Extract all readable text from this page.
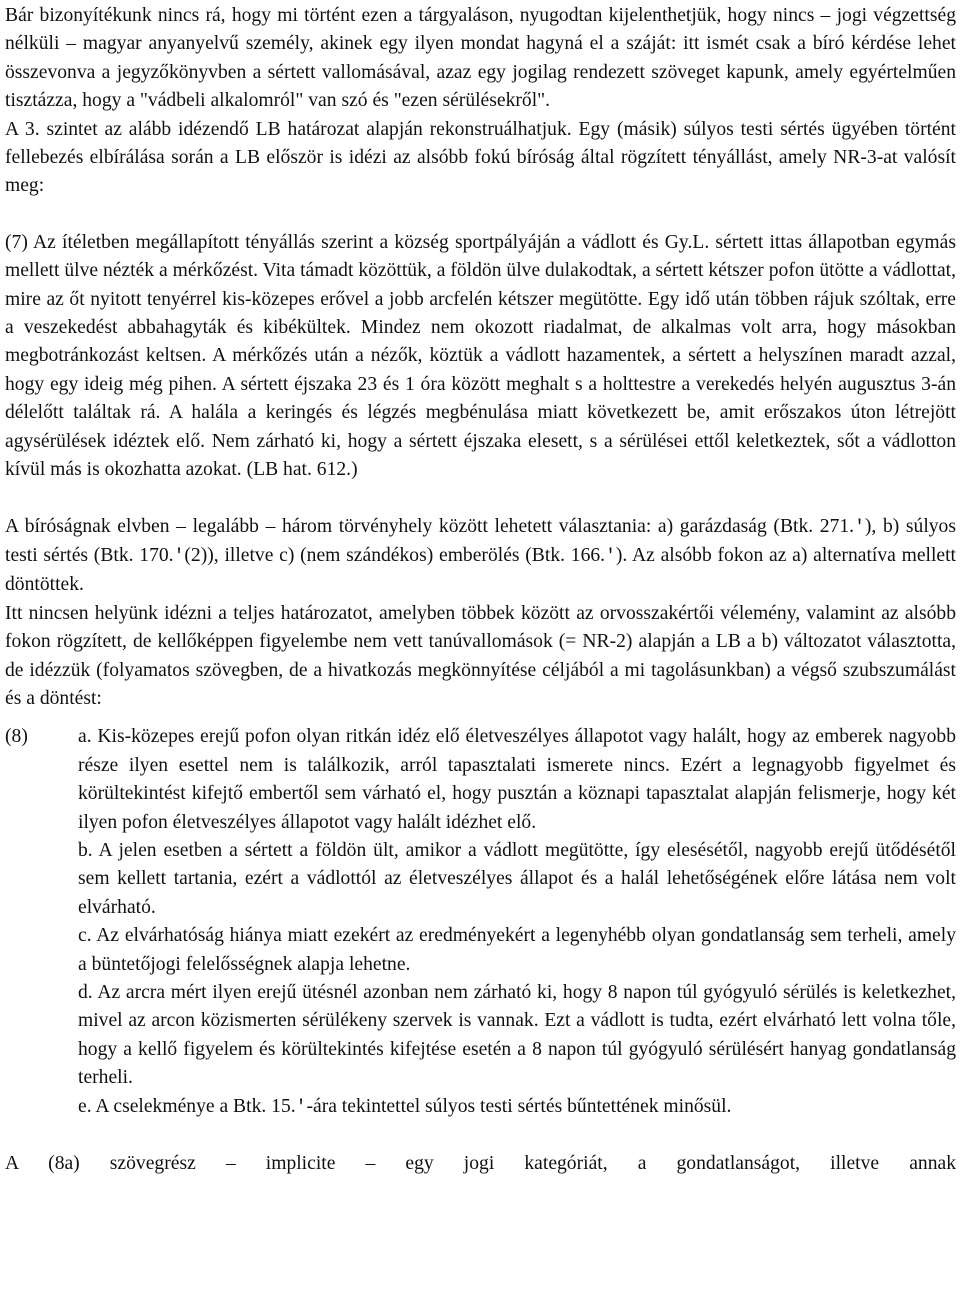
Bár bizonyítékunk nincs rá, hogy mi történt ezen a tárgyaláson, nyugodtan kijelenthetjük, hogy nincs – jogi végzettség nélküli – magyar anyanyelvű személy, akinek egy ilyen mondat hagyná el a száját: itt ismét csak a bíró kérdése lehet összevonva a jegyzőkönyvben a sértett vallomásával, azaz egy jogilag rendezett szöveget kapunk, amely egyértelműen tisztázza, hogy a "vádbeli alkalomról" van szó és "ezen sérülésekről".

A 3. szintet az alább idézendő LB határozat alapján rekonstruálhatjuk. Egy (másik) súlyos testi sértés ügyében történt fellebezés elbírálása során a LB először is idézi az alsóbb fokú bíróság által rögzített tényállást, amely NR-3-at valósít meg:

(7) Az ítéletben megállapított tényállás szerint a község sportpályáján a vádlott és Gy.L. sértett ittas állapotban egymás mellett ülve nézték a mérkőzést. Vita támadt közöttük, a földön ülve dulakodtak, a sértett kétszer pofon ütötte a vádlottat, mire az őt nyitott tenyérrel kis-közepes erővel a jobb arcfelén kétszer megütötte. Egy idő után többen rájuk szóltak, erre a veszekedést abbahagyták és kibékültek. Mindez nem okozott riadalmat, de alkalmas volt arra, hogy másokban megbotránkozást keltsen. A mérkőzés után a nézők, köztük a vádlott hazamentek, a sértett a helyszínen maradt azzal, hogy egy ideig még pihen. A sértett éjszaka 23 és 1 óra között meghalt s a holttestre a verekedés helyén augusztus 3-án délelőtt találtak rá. A halála a keringés és légzés megbénulása miatt következett be, amit erőszakos úton létrejött agysérülések idéztek elő. Nem zárható ki, hogy a sértett éjszaka elesett, s a sérülései ettől keletkeztek, sőt a vádlotton kívül más is okozhatta azokat. (LB hat. 612.)

A bíróságnak elvben – legalább – három törvényhely között lehetett választania: a) garázdaság (Btk. 271.'), b) súlyos testi sértés (Btk. 170.'(2)), illetve c) (nem szándékos) emberölés (Btk. 166.'). Az alsóbb fokon az a) alternatíva mellett döntöttek.

Itt nincsen helyünk idézni a teljes határozatot, amelyben többek között az orvosszakértői vélemény, valamint az alsóbb fokon rögzített, de kellőképpen figyelembe nem vett tanúvallomások (= NR-2) alapján a LB a b) változatot választotta, de idézzük (folyamatos szövegben, de a hivatkozás megkönnyítése céljából a mi tagolásunkban) a végső szubszumálást és a döntést:

(8)	a. Kis-közepes erejű pofon olyan ritkán idéz elő életveszélyes állapotot vagy halált, hogy az emberek nagyobb része ilyen esettel nem is találkozik, arról tapasztalati ismerete nincs. Ezért a legnagyobb figyelmet és körültekintést kifejtő embertől sem várható el, hogy pusztán a köznapi tapasztalat alapján felismerje, hogy két ilyen pofon életveszélyes állapotot vagy halált idézhet elő.

b. A jelen esetben a sértett a földön ült, amikor a vádlott megütötte, így elesésétől, nagyobb erejű ütődésétől sem kellett tartania, ezért a vádlottól az életveszélyes állapot és a halál lehetőségének előre látása nem volt elvárható.

c. Az elvárhatóság hiánya miatt ezekért az eredményekért a legenyhébb olyan gondatlanság sem terheli, amely a büntetőjogi felelősségnek alapja lehetne.

d. Az arcra mért ilyen erejű ütésnél azonban nem zárható ki, hogy 8 napon túl gyógyuló sérülés is keletkezhet, mivel az arcon közismerten sérülékeny szervek is vannak. Ezt a vádlott is tudta, ezért elvárható lett volna tőle, hogy a kellő figyelem és körültekintés kifejtése esetén a 8 napon túl gyógyuló sérülésért hanyag gondatlanság terheli.

e. A cselekménye a Btk. 15.'-ára tekintettel súlyos testi sértés bűntettének minősül.

A (8a) szövegrész – implicite – egy jogi kategóriát, a gondatlanságot, illetve annak
